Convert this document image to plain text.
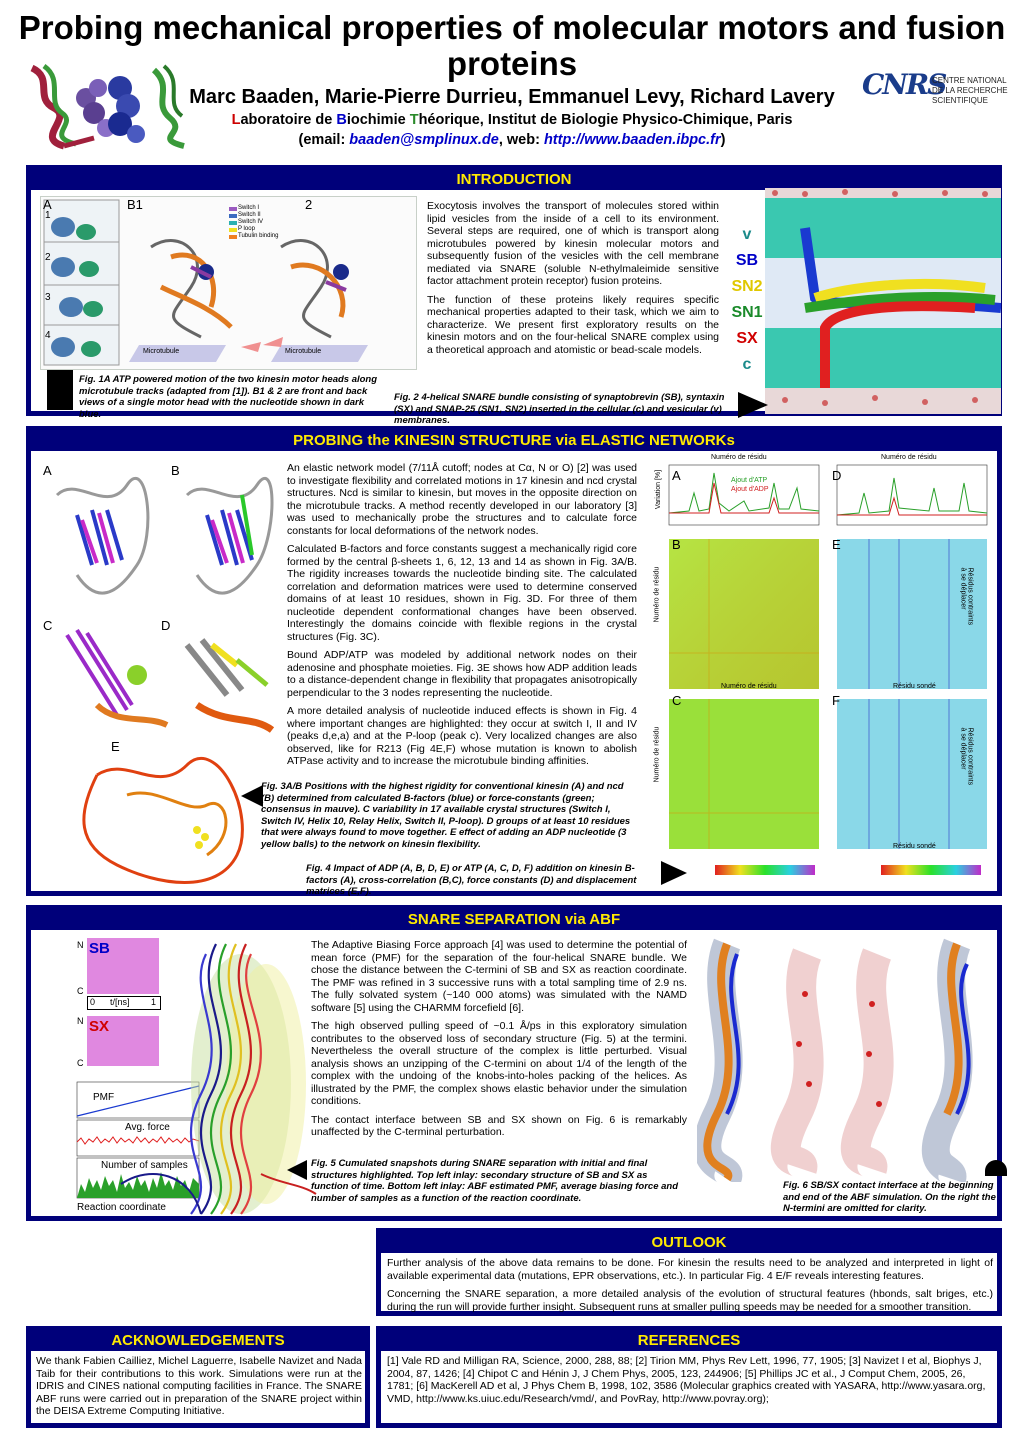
Probing mechanical properties of molecular motors and fusion proteins
Marc Baaden, Marie-Pierre Durrieu, Emmanuel Levy, Richard Lavery
Laboratoire de Biochimie Théorique, Institut de Biologie Physico-Chimique, Paris
(email: baaden@smplinux.de, web: http://www.baaden.ibpc.fr)
CNRS
CENTRE NATIONAL DE LA RECHERCHE SCIENTIFIQUE
INTRODUCTION
A	B1	2
1
2
3
4
Switch I
Switch II
Switch IV
P loop
Tubulin binding
Microtubule	Microtubule
Fig. 1A ATP powered motion of the two kinesin motor heads along microtubule tracks (adapted from [1]). B1 & 2 are front and back views of a single motor head with the nucleotide shown in dark blue.

Exocytosis involves the transport of molecules stored within lipid vesicles from the inside of a cell to its environment. Several steps are required, one of which is transport along microtubules powered by kinesin molecular motors and subsequently fusion of the vesicles with the cell membrane mediated via SNARE (soluble N-ethylmaleimide sensitive factor attachment protein receptor) fusion proteins.

The function of these proteins likely requires specific mechanical properties adapted to their task, which we aim to characterize. We present first exploratory results on the kinesin motors and on the four-helical SNARE complex using a theoretical approach and atomistic or bead-scale models.

v
SB
SN2
SN1
SX
c
Fig. 2 4-helical SNARE bundle consisting of synaptobrevin (SB), syntaxin (SX) and SNAP-25 (SN1, SN2) inserted in the cellular (c) and vesicular (v) membranes.
PROBING the KINESIN STRUCTURE via ELASTIC NETWORKs
A	B
C	D
E

An elastic network model (7/11Å cutoff; nodes at Cα, N or O) [2] was used to investigate flexibility and correlated motions in 17 kinesin and ncd crystal structures. Ncd is similar to kinesin, but moves in the opposite direction on the microtubule tracks. A method recently developed in our laboratory [3] was used to mechanically probe the structures and to calculate force constants for local deformations of the network nodes.

Calculated B-factors and force constants suggest a mechanically rigid core formed by the central β-sheets 1, 6, 12, 13 and 14 as shown in Fig. 3A/B. The rigidity increases towards the nucleotide binding site. The calculated correlation and deformation matrices were used to determine conserved domains of at least 10 residues, shown in Fig. 3D. For three of them nucleotide dependent conformational changes have been observed. Interestingly the domains coincide with flexible regions in the crystal structures (Fig. 3C).

Bound ADP/ATP was modeled by additional network nodes on their adenosine and phosphate moieties. Fig. 3E shows how ADP addition leads to a distance-dependent change in flexibility that propagates anisotropically perpendicular to the 3 nodes representing the nucleotide.

A more detailed analysis of nucleotide induced effects is shown in Fig. 4 where important changes are highlighted: they occur at switch I, II and IV (peaks d,e,a) and at the P-loop (peak c). Very localized changes are also observed, like for R213 (Fig 4E,F) whose mutation is known to abolish ATPase activity and to increase the microtubule binding affinities.

Fig. 3A/B Positions with the highest rigidity for conventional kinesin (A) and ncd (B) determined from calculated B-factors (blue) or force-constants (green; consensus in mauve). C variability in 17 available crystal structures (Switch I, Switch IV, Helix 10, Relay Helix, Switch II, P-loop). D groups of at least 10 residues that were always found to move together. E effect of adding an ADP nucleotide (3 yellow balls) to the network on kinesin flexibility.
Fig. 4 Impact of ADP (A, B, D, E) or ATP (A, C, D, F) addition on kinesin B-factors (A), cross-correlation (B,C), force constants (D) and displacement matrices (E,F).
A	D
B	E
C	F
Numéro de résidu	Numéro de résidu
Variation [%]	Ajout d'ATP
Ajout d'ADP
Numéro de résidu
Numéro de résidu
Résidus contraints à se déplacer
Résidus contraints à se déplacer
Résidu sondé
Résidu sondé
Numéro de résidu
SNARE SEPARATION via ABF
N SB
C
0 t/[ns] 1
N SX
C
PMF
Avg. force
Number of samples
Reaction coordinate

The Adaptive Biasing Force approach [4] was used to determine the potential of mean force (PMF) for the separation of the four-helical SNARE bundle. We chose the distance between the C-termini of SB and SX as reaction coordinate. The PMF was refined in 3 successive runs with a total sampling time of 2.9 ns. The fully solvated system (~140 000 atoms) was simulated with the NAMD software [5] using the CHARMM forcefield [6].

The high observed pulling speed of ~0.1 Å/ps in this exploratory simulation contributes to the observed loss of secondary structure (Fig. 5) at the termini. Nevertheless the overall structure of the complex is little perturbed. Visual analysis shows an unzipping of the C-termini on about 1/4 of the length of the complex with the undoing of the knobs-into-holes packing of the helices. As illustrated by the PMF, the complex shows elastic behavior under the simulation conditions.

The contact interface between SB and SX shown on Fig. 6 is remarkably unaffected by the C-terminal perturbation.

Fig. 5 Cumulated snapshots during SNARE separation with initial and final structures highlighted. Top left inlay: secondary structure of SB and SX as function of time. Bottom left inlay: ABF estimated PMF, average biasing force and number of samples as a function of the reaction coordinate.
Fig. 6 SB/SX contact interface at the beginning and end of the ABF simulation. On the right the N-termini are omitted for clarity.
OUTLOOK

Further analysis of the above data remains to be done. For kinesin the results need to be analyzed and interpreted in light of available experimental data (mutations, EPR observations, etc.). In particular Fig. 4 E/F reveals interesting features.

Concerning the SNARE separation, a more detailed analysis of the evolution of structural features (hbonds, salt briges, etc.) during the run will provide further insight. Subsequent runs at smaller pulling speeds may be needed for a smoother transition.

ACKNOWLEDGEMENTS
We thank Fabien Cailliez, Michel Laguerre, Isabelle Navizet and Nada Taib for their contributions to this work. Simulations were run at the IDRIS and CINES national computing facilities in France. The SNARE ABF runs were carried out in preparation of the SNARE project within the DEISA Extreme Computing Initiative.
REFERENCES
[1] Vale RD and Milligan RA, Science, 2000, 288, 88; [2] Tirion MM, Phys Rev Lett, 1996, 77, 1905; [3] Navizet I et al, Biophys J, 2004, 87, 1426; [4] Chipot C and Hénin J, J Chem Phys, 2005, 123, 244906; [5] Phillips JC et al., J Comput Chem, 2005, 26, 1781; [6] MacKerell AD et al, J Phys Chem B, 1998, 102, 3586 (Molecular graphics created with YASARA, http://www.yasara.org, VMD, http://www.ks.uiuc.edu/Research/vmd/, and PovRay, http://www.povray.org);
